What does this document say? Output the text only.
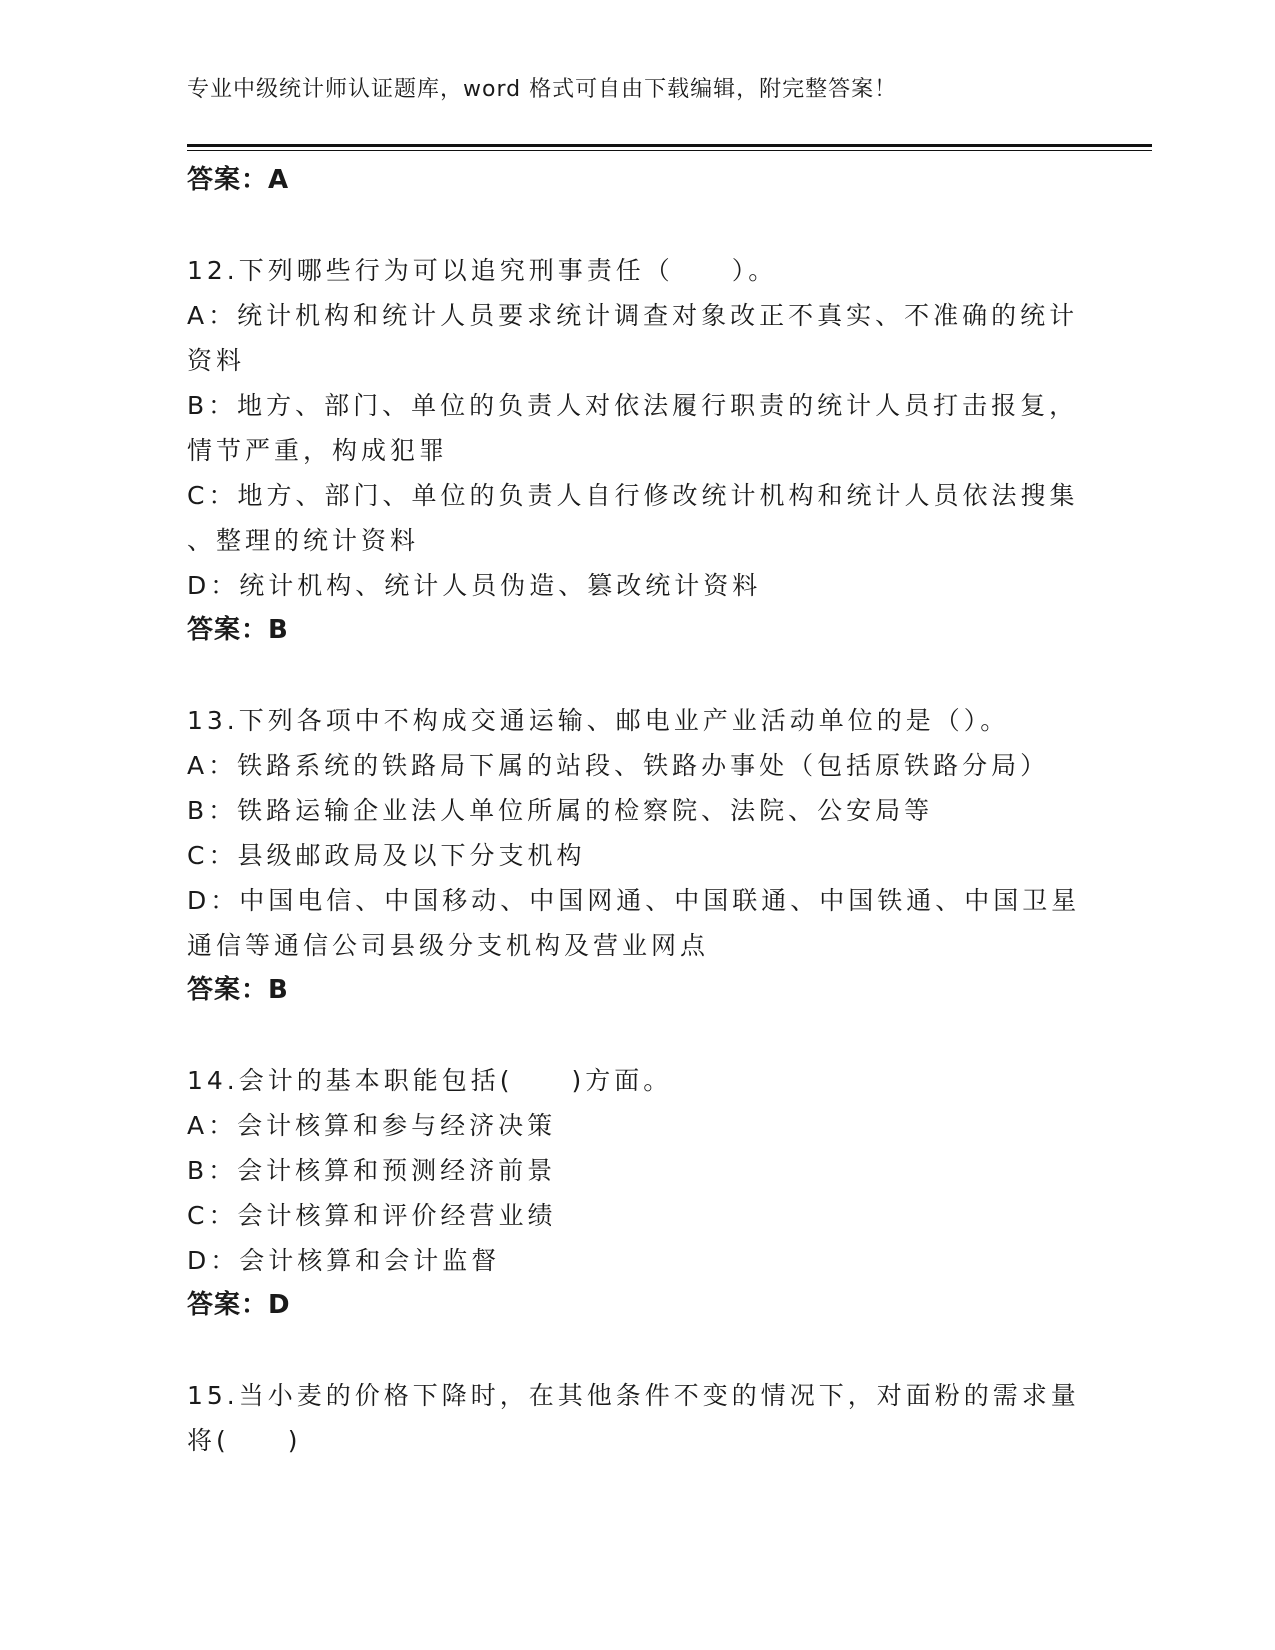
专业中级统计师认证题库，word 格式可自由下载编辑，附完整答案！
答案：A
12.下列哪些行为可以追究刑事责任（　　）。
A：统计机构和统计人员要求统计调查对象改正不真实、不准确的统计
资料
B：地方、部门、单位的负责人对依法履行职责的统计人员打击报复，
情节严重，构成犯罪
C：地方、部门、单位的负责人自行修改统计机构和统计人员依法搜集
、整理的统计资料
D：统计机构、统计人员伪造、篡改统计资料
答案：B
13.下列各项中不构成交通运输、邮电业产业活动单位的是（）。
A：铁路系统的铁路局下属的站段、铁路办事处（包括原铁路分局）
B：铁路运输企业法人单位所属的检察院、法院、公安局等
C：县级邮政局及以下分支机构
D：中国电信、中国移动、中国网通、中国联通、中国铁通、中国卫星
通信等通信公司县级分支机构及营业网点
答案：B
14.会计的基本职能包括(　　)方面。
A：会计核算和参与经济决策
B：会计核算和预测经济前景
C：会计核算和评价经营业绩
D：会计核算和会计监督
答案：D
15.当小麦的价格下降时，在其他条件不变的情况下，对面粉的需求量
将(　　)
